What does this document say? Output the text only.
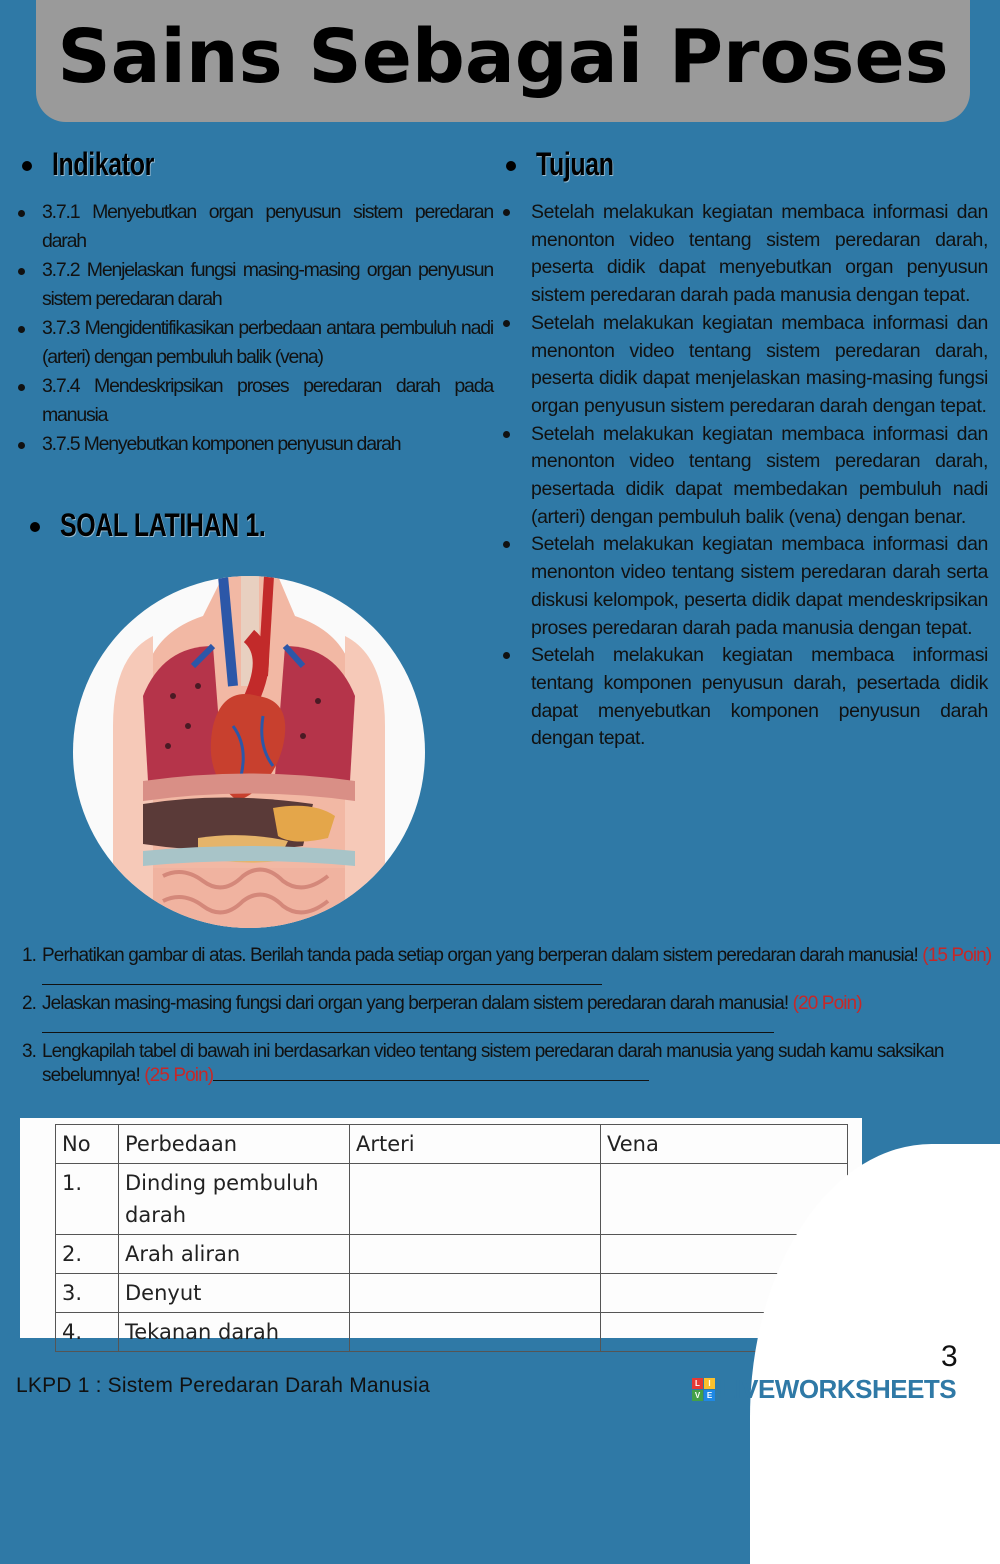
Sains Sebagai Proses
Indikator	Tujuan
3.7.1 Menyebutkan organ penyusun sistem peredaran darah
3.7.2 Menjelaskan fungsi masing-masing organ penyusun sistem peredaran darah
3.7.3 Mengidentifikasikan perbedaan antara pembuluh nadi (arteri) dengan pembuluh balik (vena)
3.7.4 Mendeskripsikan proses peredaran darah pada manusia
3.7.5 Menyebutkan komponen penyusun darah
SOAL LATIHAN 1.
Setelah melakukan kegiatan membaca informasi dan menonton video tentang sistem peredaran darah, peserta didik dapat menyebutkan organ penyusun sistem peredaran darah pada manusia dengan tepat.
Setelah melakukan kegiatan membaca informasi dan menonton video tentang sistem peredaran darah, peserta didik dapat menjelaskan masing-masing fungsi organ penyusun sistem peredaran darah dengan tepat.
Setelah melakukan kegiatan membaca informasi dan menonton video tentang sistem peredaran darah, pesertada didik dapat membedakan pembuluh nadi (arteri) dengan pembuluh balik (vena) dengan benar.
Setelah melakukan kegiatan membaca informasi dan menonton video tentang sistem peredaran darah serta diskusi kelompok, peserta didik dapat mendeskripsikan proses peredaran darah pada manusia dengan tepat.
Setelah melakukan kegiatan membaca informasi tentang komponen penyusun darah, pesertada didik dapat menyebutkan komponen penyusun darah dengan tepat.
1. Perhatikan gambar di atas. Berilah tanda pada setiap organ yang berperan dalam sistem peredaran darah manusia! (15 Poin)
2. Jelaskan masing-masing fungsi dari organ yang berperan dalam sistem peredaran darah manusia! (20 Poin)
3. Lengkapilah tabel di bawah ini berdasarkan video tentang sistem peredaran darah manusia yang sudah kamu saksikan sebelumnya! (25 Poin)
No	Perbedaan	Arteri	Vena
1.	Dinding pembuluh darah		
2.	Arah aliran		
3.	Denyut		
4.	Tekanan darah		
3
LKPD 1 : Sistem Peredaran Darah Manusia	L	I
V E LIVEWORKSHEETS
